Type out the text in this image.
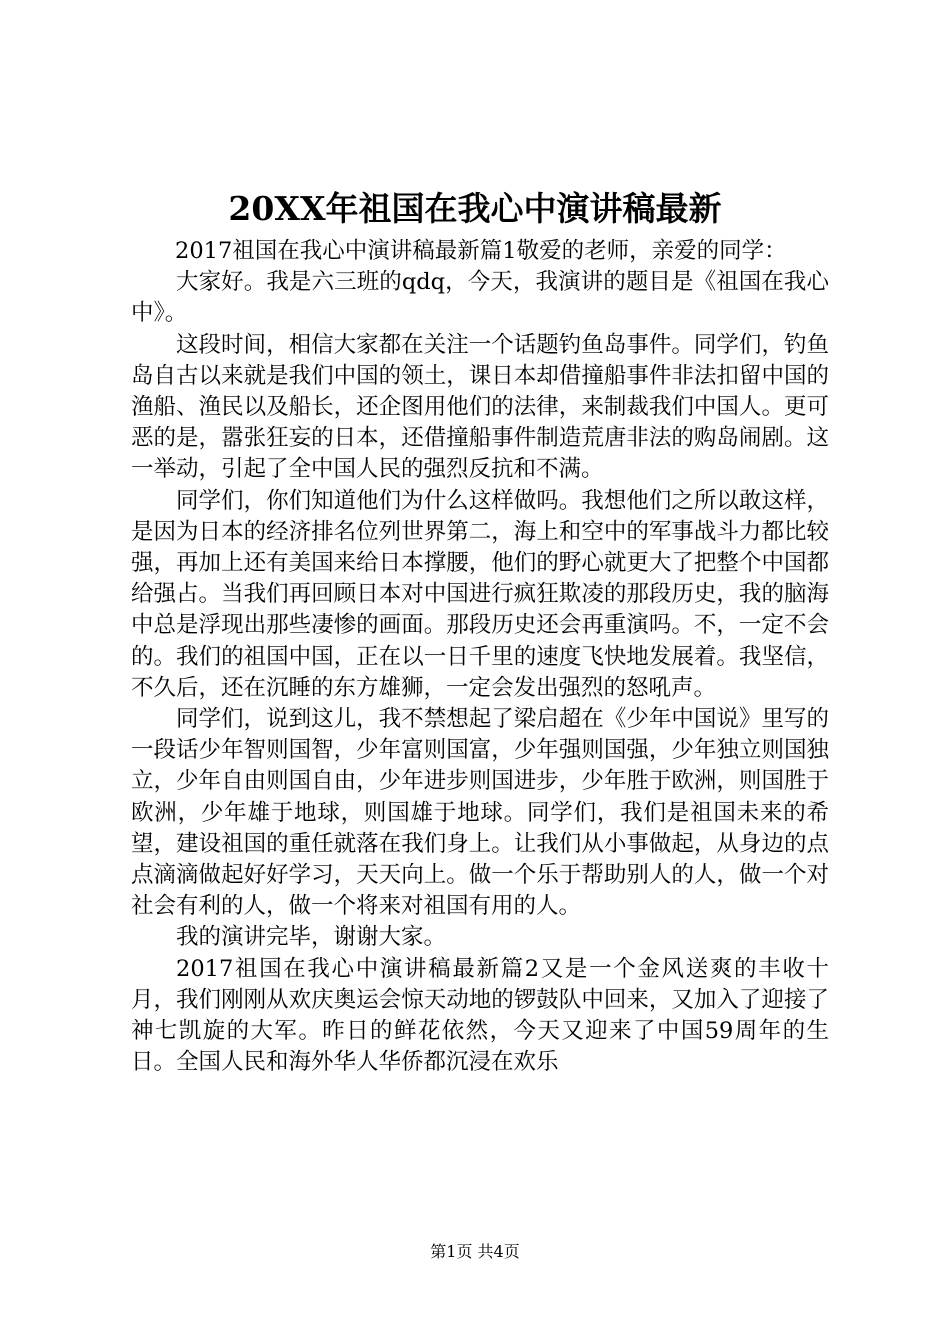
20XX年祖国在我心中演讲稿最新

2017祖国在我心中演讲稿最新篇1敬爱的老师，亲爱的同学：

大家好。我是六三班的qdq，今天，我演讲的题目是《祖国在我心中》。

这段时间，相信大家都在关注一个话题钓鱼岛事件。同学们，钓鱼岛自古以来就是我们中国的领土，课日本却借撞船事件非法扣留中国的渔船、渔民以及船长，还企图用他们的法律，来制裁我们中国人。更可恶的是，嚣张狂妄的日本，还借撞船事件制造荒唐非法的购岛闹剧。这一举动，引起了全中国人民的强烈反抗和不满。

同学们，你们知道他们为什么这样做吗。我想他们之所以敢这样，是因为日本的经济排名位列世界第二，海上和空中的军事战斗力都比较强，再加上还有美国来给日本撑腰，他们的野心就更大了把整个中国都给强占。当我们再回顾日本对中国进行疯狂欺凌的那段历史，我的脑海中总是浮现出那些凄惨的画面。那段历史还会再重演吗。不，一定不会的。我们的祖国中国，正在以一日千里的速度飞快地发展着。我坚信，不久后，还在沉睡的东方雄狮，一定会发出强烈的怒吼声。

同学们，说到这儿，我不禁想起了梁启超在《少年中国说》里写的一段话少年智则国智，少年富则国富，少年强则国强，少年独立则国独立，少年自由则国自由，少年进步则国进步，少年胜于欧洲，则国胜于欧洲，少年雄于地球，则国雄于地球。同学们，我们是祖国未来的希望，建设祖国的重任就落在我们身上。让我们从小事做起，从身边的点点滴滴做起好好学习，天天向上。做一个乐于帮助别人的人，做一个对社会有利的人，做一个将来对祖国有用的人。

我的演讲完毕，谢谢大家。

2017祖国在我心中演讲稿最新篇2又是一个金风送爽的丰收十月，我们刚刚从欢庆奥运会惊天动地的锣鼓队中回来，又加入了迎接了神七凯旋的大军。昨日的鲜花依然，今天又迎来了中国59周年的生日。全国人民和海外华人华侨都沉浸在欢乐

第1页 共4页
